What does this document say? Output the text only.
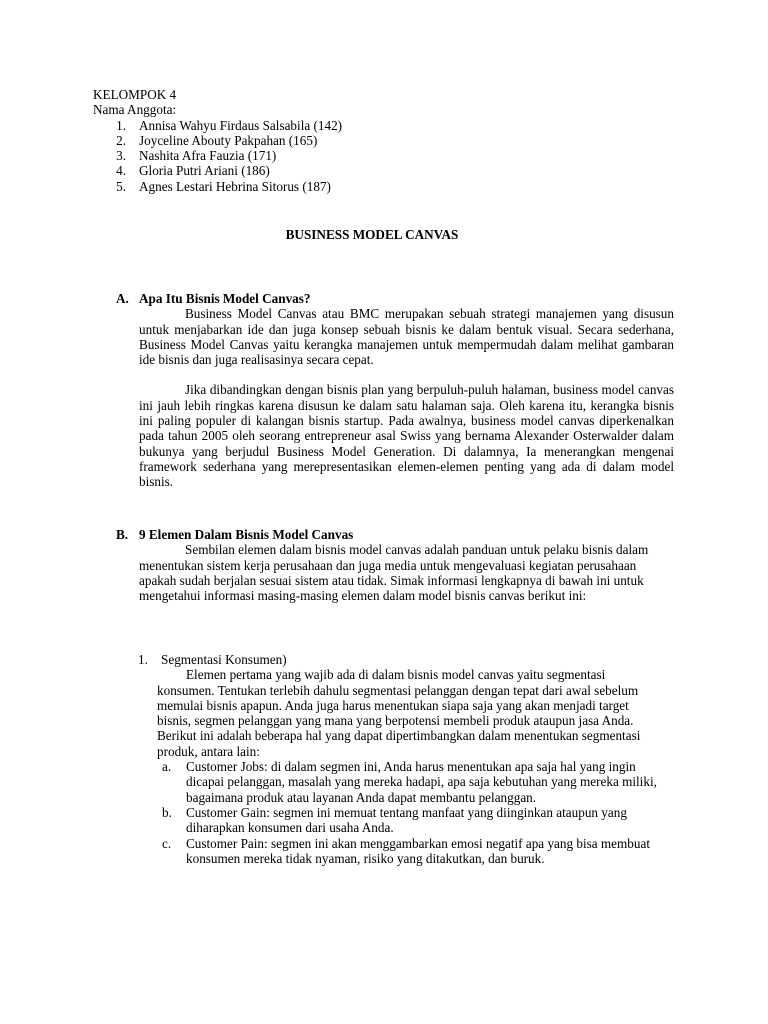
KELOMPOK 4
Nama Anggota:
1. Annisa Wahyu Firdaus Salsabila (142)
2. Joyceline Abouty Pakpahan (165)
3. Nashita Afra Fauzia (171)
4. Gloria Putri Ariani (186)
5. Agnes Lestari Hebrina Sitorus (187)
BUSINESS MODEL CANVAS
A. Apa Itu Bisnis Model Canvas?
Business Model Canvas atau BMC merupakan sebuah strategi manajemen yang disusun untuk menjabarkan ide dan juga konsep sebuah bisnis ke dalam bentuk visual. Secara sederhana, Business Model Canvas yaitu kerangka manajemen untuk mempermudah dalam melihat gambaran ide bisnis dan juga realisasinya secara cepat.
Jika dibandingkan dengan bisnis plan yang berpuluh-puluh halaman, business model canvas ini jauh lebih ringkas karena disusun ke dalam satu halaman saja. Oleh karena itu, kerangka bisnis ini paling populer di kalangan bisnis startup. Pada awalnya, business model canvas diperkenalkan pada tahun 2005 oleh seorang entrepreneur asal Swiss yang bernama Alexander Osterwalder dalam bukunya yang berjudul Business Model Generation. Di dalamnya, Ia menerangkan mengenai framework sederhana yang merepresentasikan elemen-elemen penting yang ada di dalam model bisnis.
B. 9 Elemen Dalam Bisnis Model Canvas
Sembilan elemen dalam bisnis model canvas adalah panduan untuk pelaku bisnis dalam menentukan sistem kerja perusahaan dan juga media untuk mengevaluasi kegiatan perusahaan apakah sudah berjalan sesuai sistem atau tidak. Simak informasi lengkapnya di bawah ini untuk mengetahui informasi masing-masing elemen dalam model bisnis canvas berikut ini:
1. Segmentasi Konsumen)
Elemen pertama yang wajib ada di dalam bisnis model canvas yaitu segmentasi konsumen. Tentukan terlebih dahulu segmentasi pelanggan dengan tepat dari awal sebelum memulai bisnis apapun. Anda juga harus menentukan siapa saja yang akan menjadi target bisnis, segmen pelanggan yang mana yang berpotensi membeli produk ataupun jasa Anda. Berikut ini adalah beberapa hal yang dapat dipertimbangkan dalam menentukan segmentasi produk, antara lain:
a.	Customer Jobs: di dalam segmen ini, Anda harus menentukan apa saja hal yang ingin dicapai pelanggan, masalah yang mereka hadapi, apa saja kebutuhan yang mereka miliki, bagaimana produk atau layanan Anda dapat membantu pelanggan.
b.	Customer Gain: segmen ini memuat tentang manfaat yang diinginkan ataupun yang diharapkan konsumen dari usaha Anda.
c.	Customer Pain: segmen ini akan menggambarkan emosi negatif apa yang bisa membuat konsumen mereka tidak nyaman, risiko yang ditakutkan, dan buruk.
